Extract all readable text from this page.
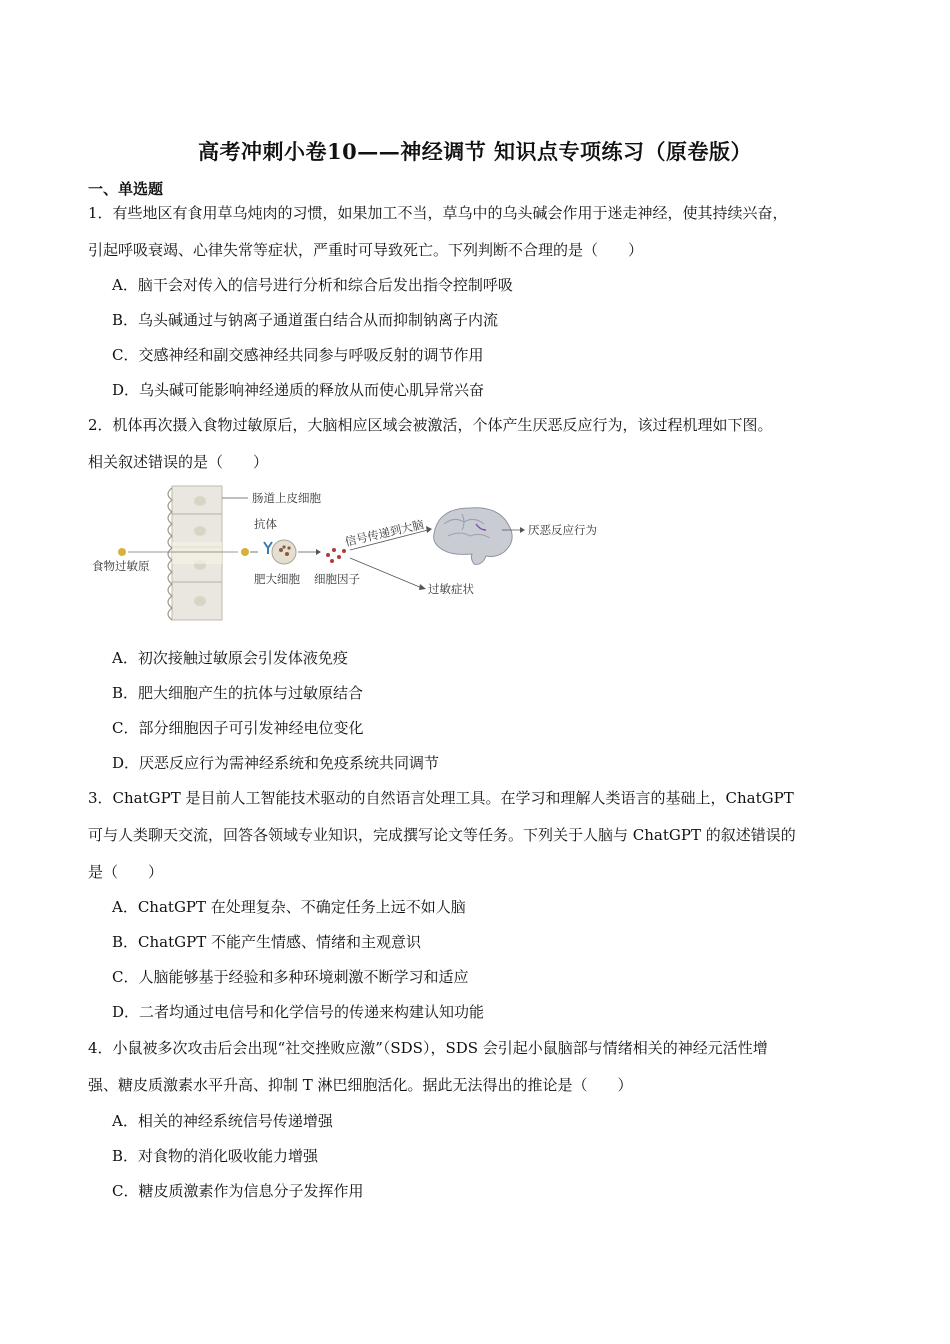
高考冲刺小卷10——神经调节 知识点专项练习（原卷版）
一、单选题
1．有些地区有食用草乌炖肉的习惯，如果加工不当，草乌中的乌头碱会作用于迷走神经，使其持续兴奋，
引起呼吸衰竭、心律失常等症状，严重时可导致死亡。下列判断不合理的是（　　）
A．脑干会对传入的信号进行分析和综合后发出指令控制呼吸
B．乌头碱通过与钠离子通道蛋白结合从而抑制钠离子内流
C．交感神经和副交感神经共同参与呼吸反射的调节作用
D．乌头碱可能影响神经递质的释放从而使心肌异常兴奋
2．机体再次摄入食物过敏原后，大脑相应区域会被激活，个体产生厌恶反应行为，该过程机理如下图。
相关叙述错误的是（　　）
肠道上皮细胞
食物过敏原
抗体
肥大细胞 细胞因子
信号传递到大脑
过敏症状
厌恶反应行为
A．初次接触过敏原会引发体液免疫
B．肥大细胞产生的抗体与过敏原结合
C．部分细胞因子可引发神经电位变化
D．厌恶反应行为需神经系统和免疫系统共同调节
3．ChatGPT 是目前人工智能技术驱动的自然语言处理工具。在学习和理解人类语言的基础上，ChatGPT
可与人类聊天交流，回答各领域专业知识，完成撰写论文等任务。下列关于人脑与 ChatGPT 的叙述错误的
是（　　）
A．ChatGPT 在处理复杂、不确定任务上远不如人脑
B．ChatGPT 不能产生情感、情绪和主观意识
C．人脑能够基于经验和多种环境刺激不断学习和适应
D．二者均通过电信号和化学信号的传递来构建认知功能
4．小鼠被多次攻击后会出现“社交挫败应激”（SDS），SDS 会引起小鼠脑部与情绪相关的神经元活性增
强、糖皮质激素水平升高、抑制 T 淋巴细胞活化。据此无法得出的推论是（　　）
A．相关的神经系统信号传递增强
B．对食物的消化吸收能力增强
C．糖皮质激素作为信息分子发挥作用
